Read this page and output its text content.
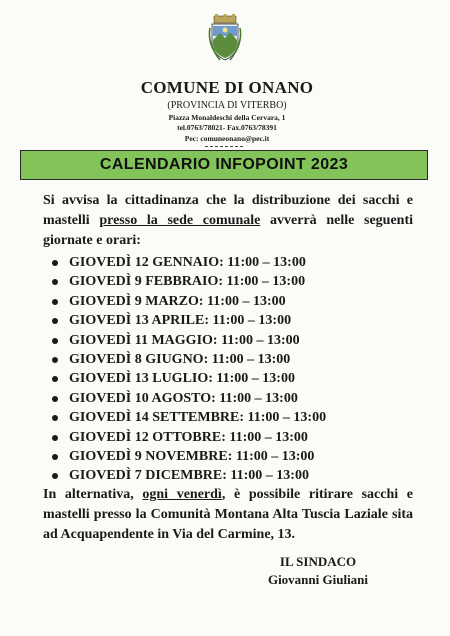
COMUNE DI ONANO
(PROVINCIA DI VITERBO)
Piazza Monaldeschi della Cervara, 1
tel.0763/78021- Fax.0763/78391
Pec: comuneonano@pec.it
CALENDARIO INFOPOINT 2023
Si avvisa la cittadinanza che la distribuzione dei sacchi e mastelli presso la sede comunale avverrà nelle seguenti giornate e orari:
GIOVEDÌ 12 GENNAIO: 11:00 – 13:00
GIOVEDÌ 9 FEBBRAIO: 11:00 – 13:00
GIOVEDÌ 9 MARZO: 11:00 – 13:00
GIOVEDÌ 13 APRILE: 11:00 – 13:00
GIOVEDÌ 11 MAGGIO: 11:00 – 13:00
GIOVEDÌ 8 GIUGNO: 11:00 – 13:00
GIOVEDÌ 13 LUGLIO: 11:00 – 13:00
GIOVEDÌ 10 AGOSTO: 11:00 – 13:00
GIOVEDÌ 14 SETTEMBRE: 11:00 – 13:00
GIOVEDÌ 12 OTTOBRE: 11:00 – 13:00
GIOVEDÌ 9 NOVEMBRE: 11:00 – 13:00
GIOVEDÌ 7 DICEMBRE: 11:00 – 13:00
In alternativa, ogni venerdì, è possibile ritirare sacchi e mastelli presso la Comunità Montana Alta Tuscia Laziale sita ad Acquapendente in Via del Carmine, 13.
IL SINDACO
Giovanni Giuliani
